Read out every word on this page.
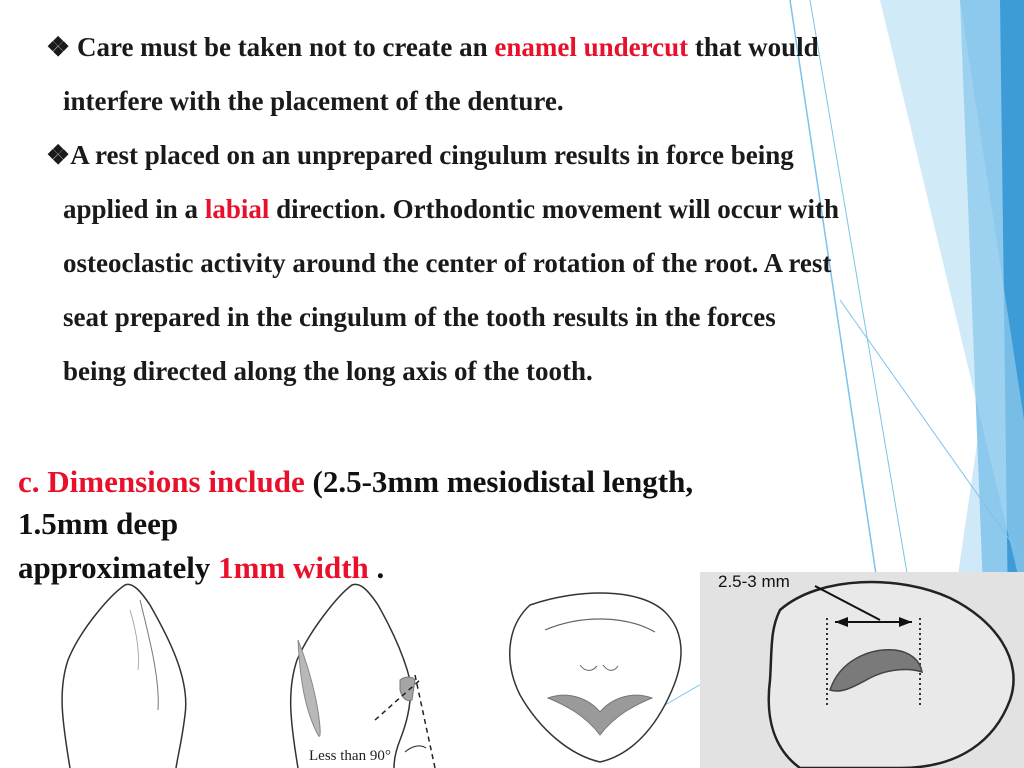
❖ Care must be taken not to create an enamel undercut that would
interfere with the placement of the denture.
❖A rest placed on an unprepared cingulum results in force being
applied in a labial direction. Orthodontic movement will occur with
osteoclastic activity around the center of rotation of the root. A rest
seat prepared in the cingulum of the tooth results in the forces
being directed along the long axis of the tooth.
c. Dimensions include (2.5-3mm mesiodistal length,
1.5mm deep
approximately 1mm width .
Less than 90°
2.5-3 mm
